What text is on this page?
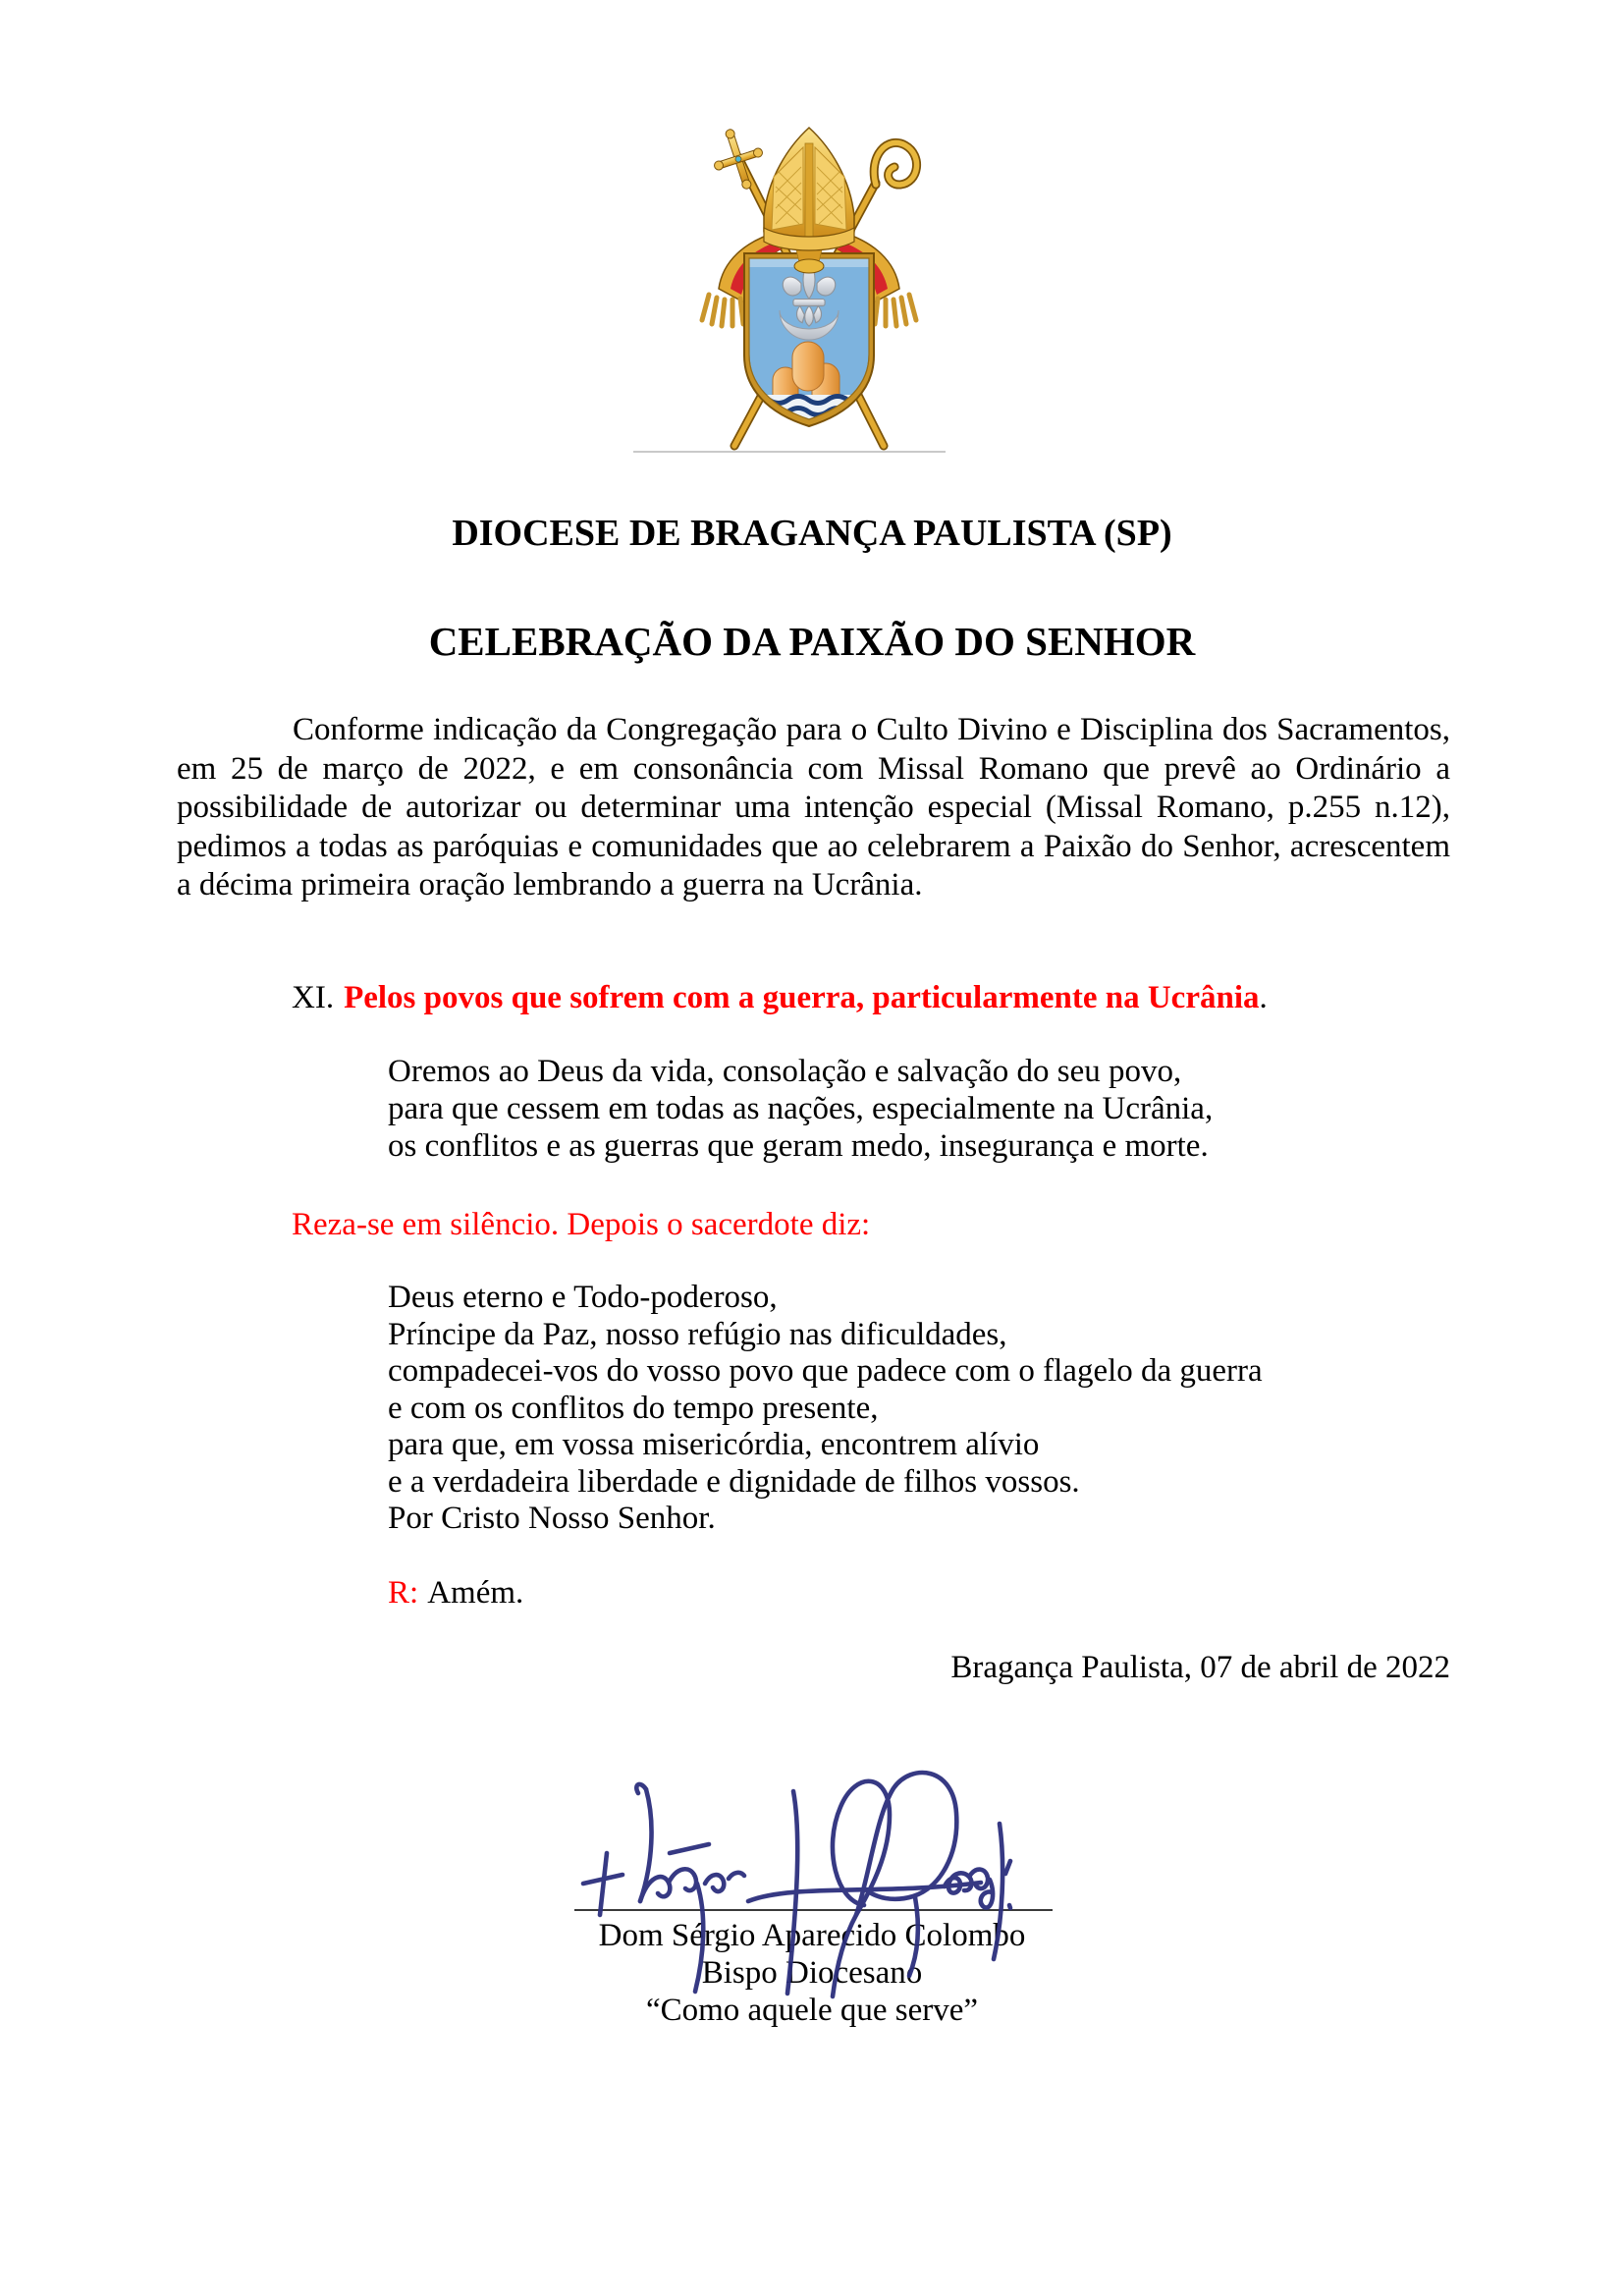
DIOCESE DE BRAGANÇA PAULISTA (SP)
CELEBRAÇÃO DA PAIXÃO DO SENHOR
Conforme indicação da Congregação para o Culto Divino e Disciplina dos Sacramentos, em 25 de março de 2022, e em consonância com Missal Romano que prevê ao Ordinário a possibilidade de autorizar ou determinar uma intenção especial (Missal Romano, p.255 n.12), pedimos a todas as paróquias e comunidades que ao celebrarem a Paixão do Senhor, acrescentem a décima primeira oração lembrando a guerra na Ucrânia.
XI. Pelos povos que sofrem com a guerra, particularmente na Ucrânia.
Oremos ao Deus da vida, consolação e salvação do seu povo,
para que cessem em todas as nações, especialmente na Ucrânia,
os conflitos e as guerras que geram medo, insegurança e morte.
Reza-se em silêncio. Depois o sacerdote diz:
Deus eterno e Todo-poderoso,
Príncipe da Paz, nosso refúgio nas dificuldades,
compadecei-vos do vosso povo que padece com o flagelo da guerra
e com os conflitos do tempo presente,
para que, em vossa misericórdia, encontrem alívio
e a verdadeira liberdade e dignidade de filhos vossos.
Por Cristo Nosso Senhor.
R: Amém.
Bragança Paulista, 07 de abril de 2022
Dom Sérgio Aparecido Colombo
Bispo Diocesano
“Como aquele que serve”
